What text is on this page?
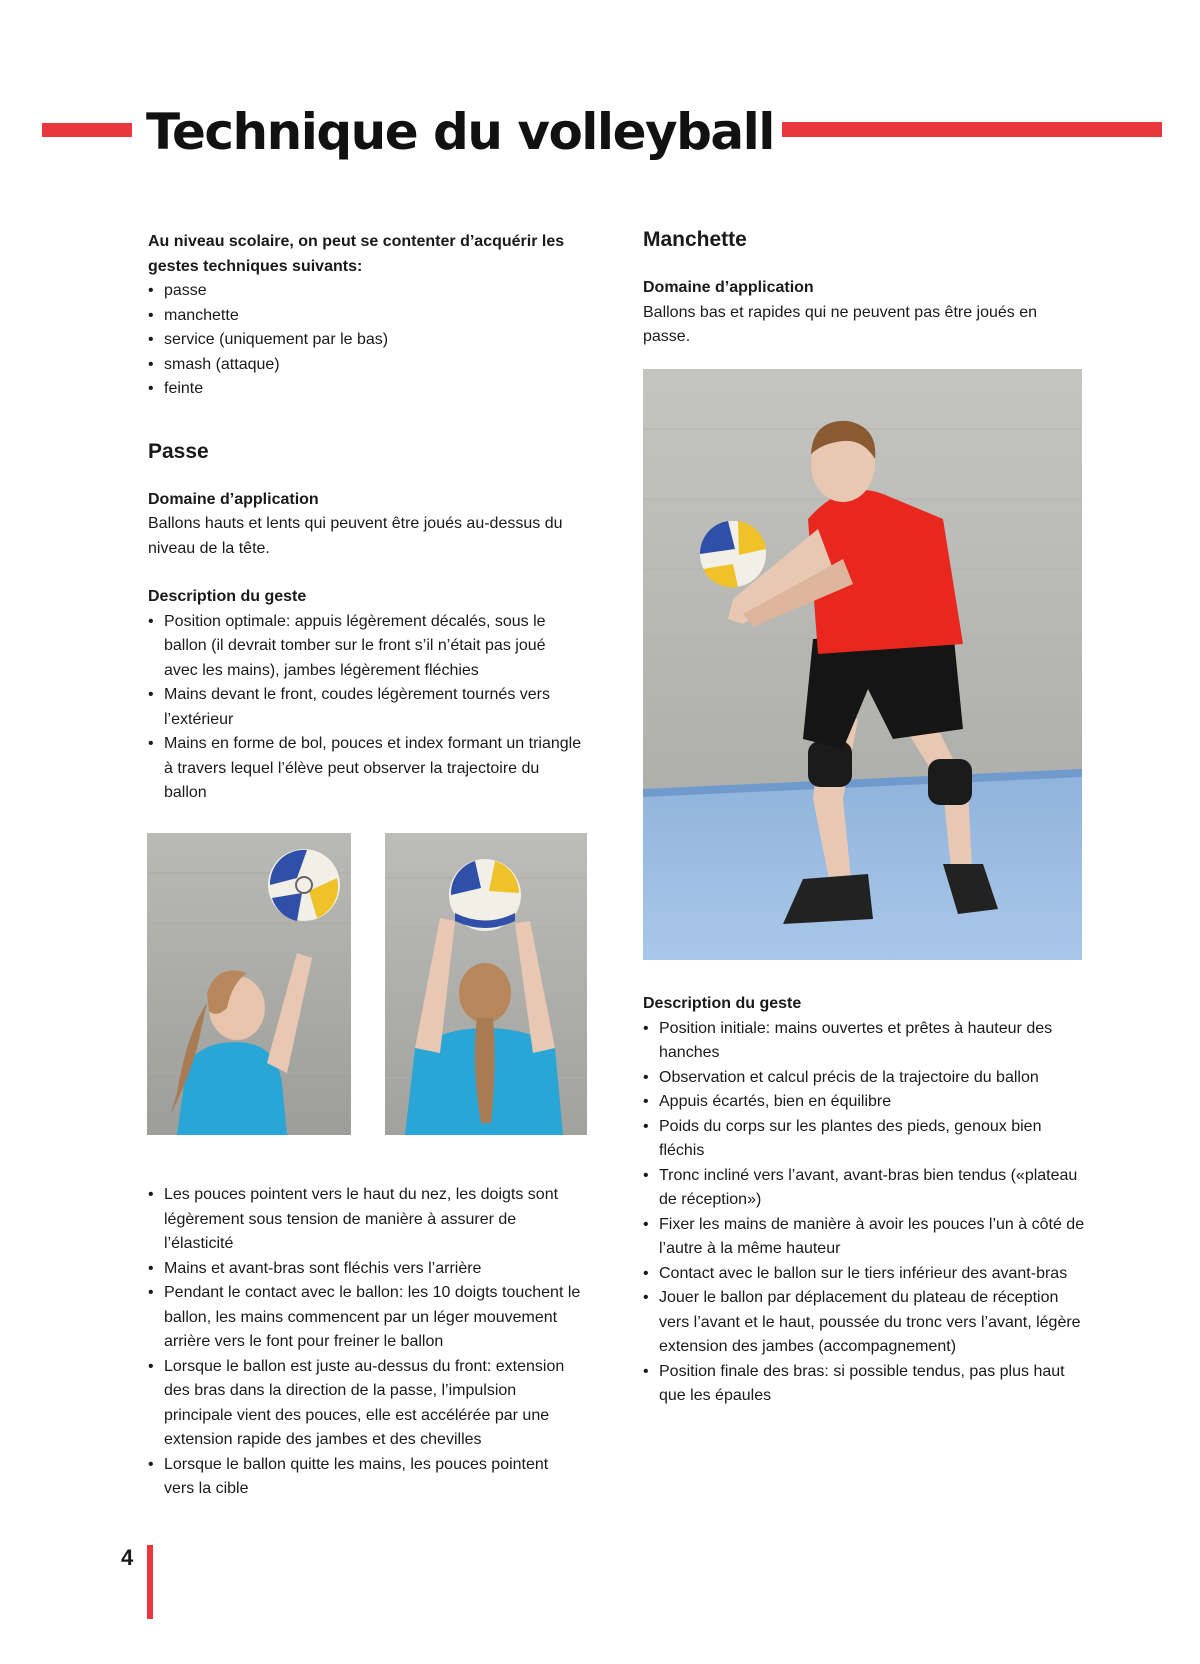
Technique du volleyball

Au niveau scolaire, on peut se contenter d’acquérir les gestes techniques suivants:

• passe
• manchette
• service (uniquement par le bas)
• smash (attaque)
• feinte
Passe

Domaine d’application

Ballons hauts et lents qui peuvent être joués au-dessus du niveau de la tête.

Description du geste

• Position optimale: appuis légèrement décalés, sous le ballon (il devrait tomber sur le front s’il n’était pas joué avec les mains), jambes légèrement fléchies
• Mains devant le front, coudes légèrement tournés vers l’extérieur
• Mains en forme de bol, pouces et index formant un triangle à travers lequel l’élève peut observer la trajectoire du ballon
• Les pouces pointent vers le haut du nez, les doigts sont légèrement sous tension de manière à assurer de l’élasticité
• Mains et avant-bras sont fléchis vers l’arrière
• Pendant le contact avec le ballon: les 10 doigts touchent le ballon, les mains commencent par un léger mouvement arrière vers le font pour freiner le ballon
• Lorsque le ballon est juste au-dessus du front: extension des bras dans la direction de la passe, l’impulsion principale vient des pouces, elle est accélérée par une extension rapide des jambes et des chevilles
• Lorsque le ballon quitte les mains, les pouces pointent vers la cible
Manchette

Domaine d’application

Ballons bas et rapides qui ne peuvent pas être joués en passe.

Description du geste

• Position initiale: mains ouvertes et prêtes à hauteur des hanches
• Observation et calcul précis de la trajectoire du ballon
• Appuis écartés, bien en équilibre
• Poids du corps sur les plantes des pieds, genoux bien fléchis
• Tronc incliné vers l’avant, avant-bras bien tendus («plateau de réception»)
• Fixer les mains de manière à avoir les pouces l’un à côté de l’autre à la même hauteur
• Contact avec le ballon sur le tiers inférieur des avant-bras
• Jouer le ballon par déplacement du plateau de réception vers l’avant et le haut, poussée du tronc vers l’avant, légère extension des jambes (accompagnement)
• Position finale des bras: si possible tendus, pas plus haut que les épaules
4
